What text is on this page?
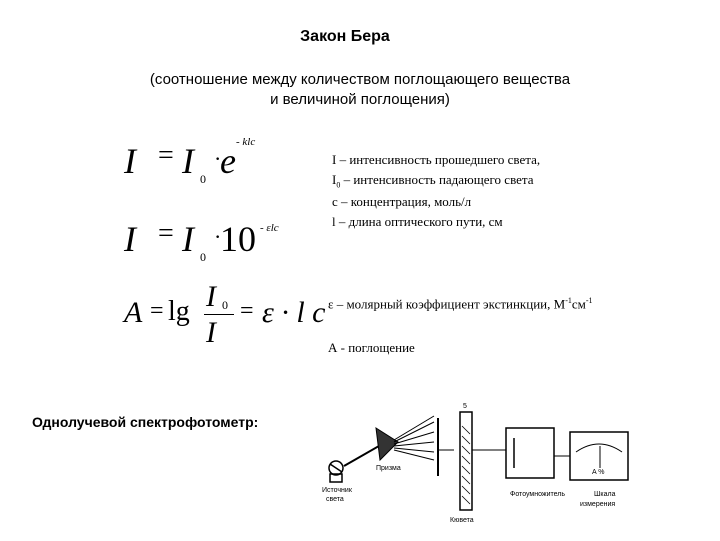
Закон Бера
(соотношение между количеством поглощающего вещества
и величиной поглощения)
I = I 0
·
e - klc
I = I 0
·
10 - εlc
A = lg I 0
I
= ε · l c
I – интенсивность прошедшего света,
$I_0$ – интенсивность падающего света
с – концентрация, моль/л
l – длина оптического пути, см
ε – молярный коэффициент экстинкции, $М^{-1}см^{-1}$
А - поглощение
Однолучевой спектрофотометр:
5
A %
Источник
света
Призма
Кювета
Фотоумножитель	Шкала
измерения
